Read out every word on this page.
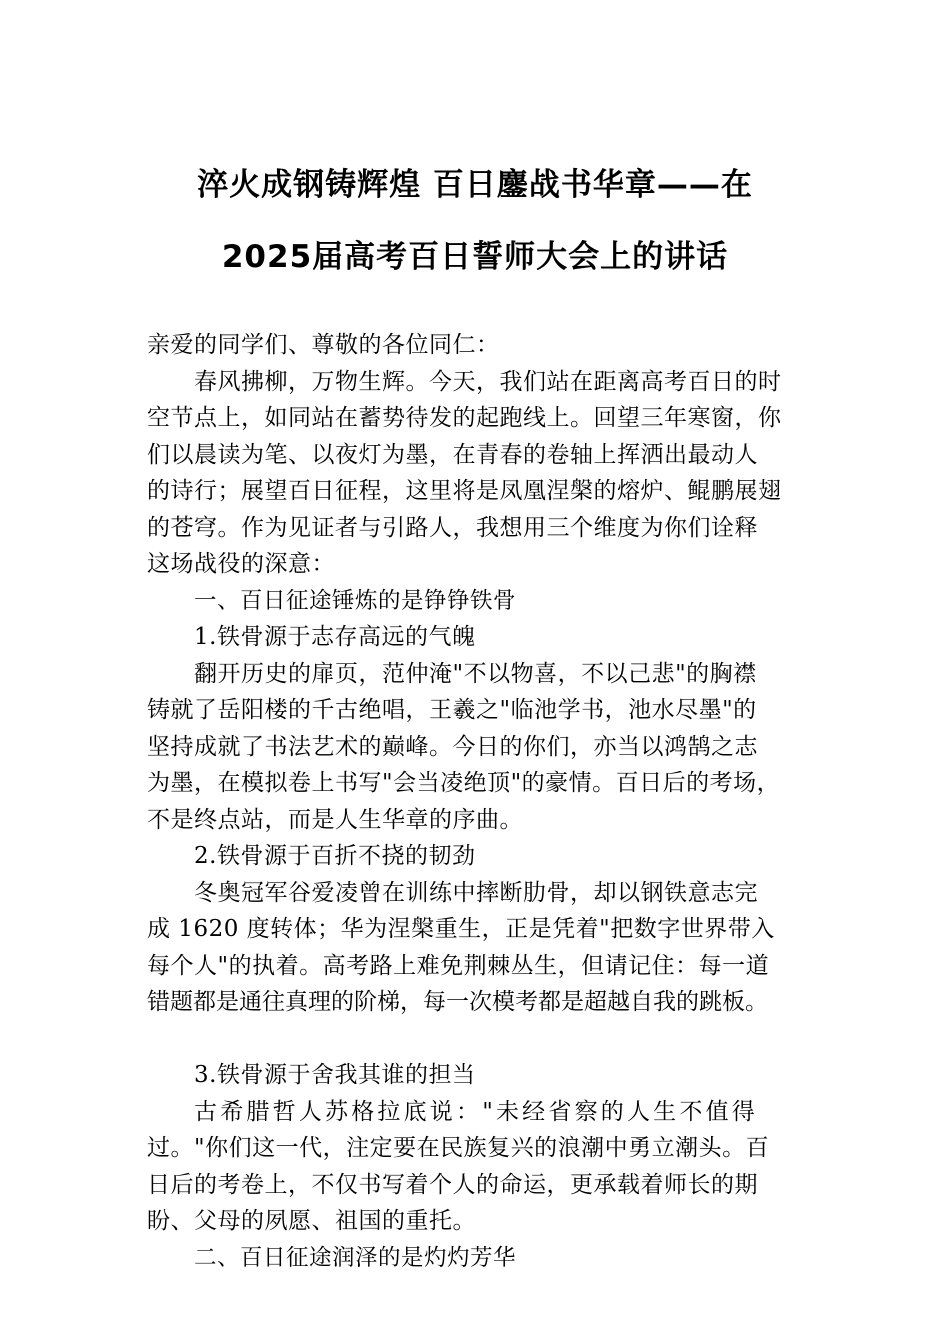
淬火成钢铸辉煌 百日鏖战书华章——在
2025届高考百日誓师大会上的讲话
亲爱的同学们、尊敬的各位同仁：
春风拂柳，万物生辉。今天，我们站在距离高考百日的时
空节点上，如同站在蓄势待发的起跑线上。回望三年寒窗，你
们以晨读为笔、以夜灯为墨，在青春的卷轴上挥洒出最动人
的诗行；展望百日征程，这里将是凤凰涅槃的熔炉、鲲鹏展翅
的苍穹。作为见证者与引路人，我想用三个维度为你们诠释
这场战役的深意：
一、百日征途锤炼的是铮铮铁骨
1.铁骨源于志存高远的气魄
翻开历史的扉页，范仲淹"不以物喜，不以己悲"的胸襟
铸就了岳阳楼的千古绝唱，王羲之"临池学书，池水尽墨"的
坚持成就了书法艺术的巅峰。今日的你们，亦当以鸿鹄之志
为墨，在模拟卷上书写"会当凌绝顶"的豪情。百日后的考场，
不是终点站，而是人生华章的序曲。
2.铁骨源于百折不挠的韧劲
冬奥冠军谷爱凌曾在训练中摔断肋骨，却以钢铁意志完
成 1620 度转体；华为涅槃重生，正是凭着"把数字世界带入
每个人"的执着。高考路上难免荆棘丛生，但请记住：每一道
错题都是通往真理的阶梯，每一次模考都是超越自我的跳板。
3.铁骨源于舍我其谁的担当
古希腊哲人苏格拉底说："未经省察的人生不值得
过。"你们这一代，注定要在民族复兴的浪潮中勇立潮头。百
日后的考卷上，不仅书写着个人的命运，更承载着师长的期
盼、父母的夙愿、祖国的重托。
二、百日征途润泽的是灼灼芳华
